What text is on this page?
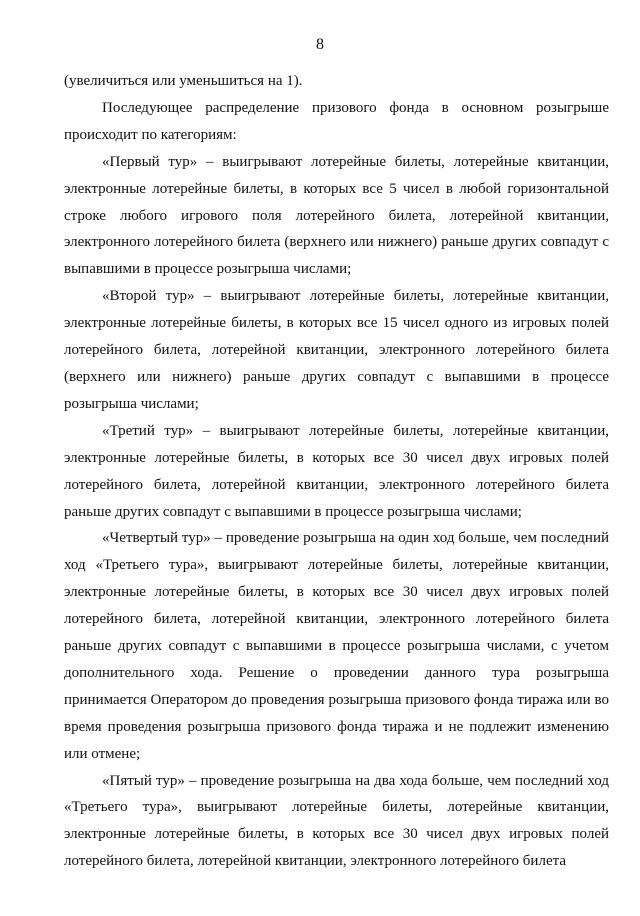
8

(увеличиться или уменьшиться на 1).

Последующее распределение призового фонда в основном розыгрыше происходит по категориям:

«Первый тур» – выигрывают лотерейные билеты, лотерейные квитанции, электронные лотерейные билеты, в которых все 5 чисел в любой горизонтальной строке любого игрового поля лотерейного билета, лотерейной квитанции, электронного лотерейного билета (верхнего или нижнего) раньше других совпадут с выпавшими в процессе розыгрыша числами;

«Второй тур» – выигрывают лотерейные билеты, лотерейные квитанции, электронные лотерейные билеты, в которых все 15 чисел одного из игровых полей лотерейного билета, лотерейной квитанции, электронного лотерейного билета (верхнего или нижнего) раньше других совпадут с выпавшими в процессе розыгрыша числами;

«Третий тур» – выигрывают лотерейные билеты, лотерейные квитанции, электронные лотерейные билеты, в которых все 30 чисел двух игровых полей лотерейного билета, лотерейной квитанции, электронного лотерейного билета раньше других совпадут с выпавшими в процессе розыгрыша числами;

«Четвертый тур» – проведение розыгрыша на один ход больше, чем последний ход «Третьего тура», выигрывают лотерейные билеты, лотерейные квитанции, электронные лотерейные билеты, в которых все 30 чисел двух игровых полей лотерейного билета, лотерейной квитанции, электронного лотерейного билета раньше других совпадут с выпавшими в процессе розыгрыша числами, с учетом дополнительного хода. Решение о проведении данного тура розыгрыша принимается Оператором до проведения розыгрыша призового фонда тиража или во время проведения розыгрыша призового фонда тиража и не подлежит изменению или отмене;

«Пятый тур» – проведение розыгрыша на два хода больше, чем последний ход «Третьего тура», выигрывают лотерейные билеты, лотерейные квитанции, электронные лотерейные билеты, в которых все 30 чисел двух игровых полей лотерейного билета, лотерейной квитанции, электронного лотерейного билета
